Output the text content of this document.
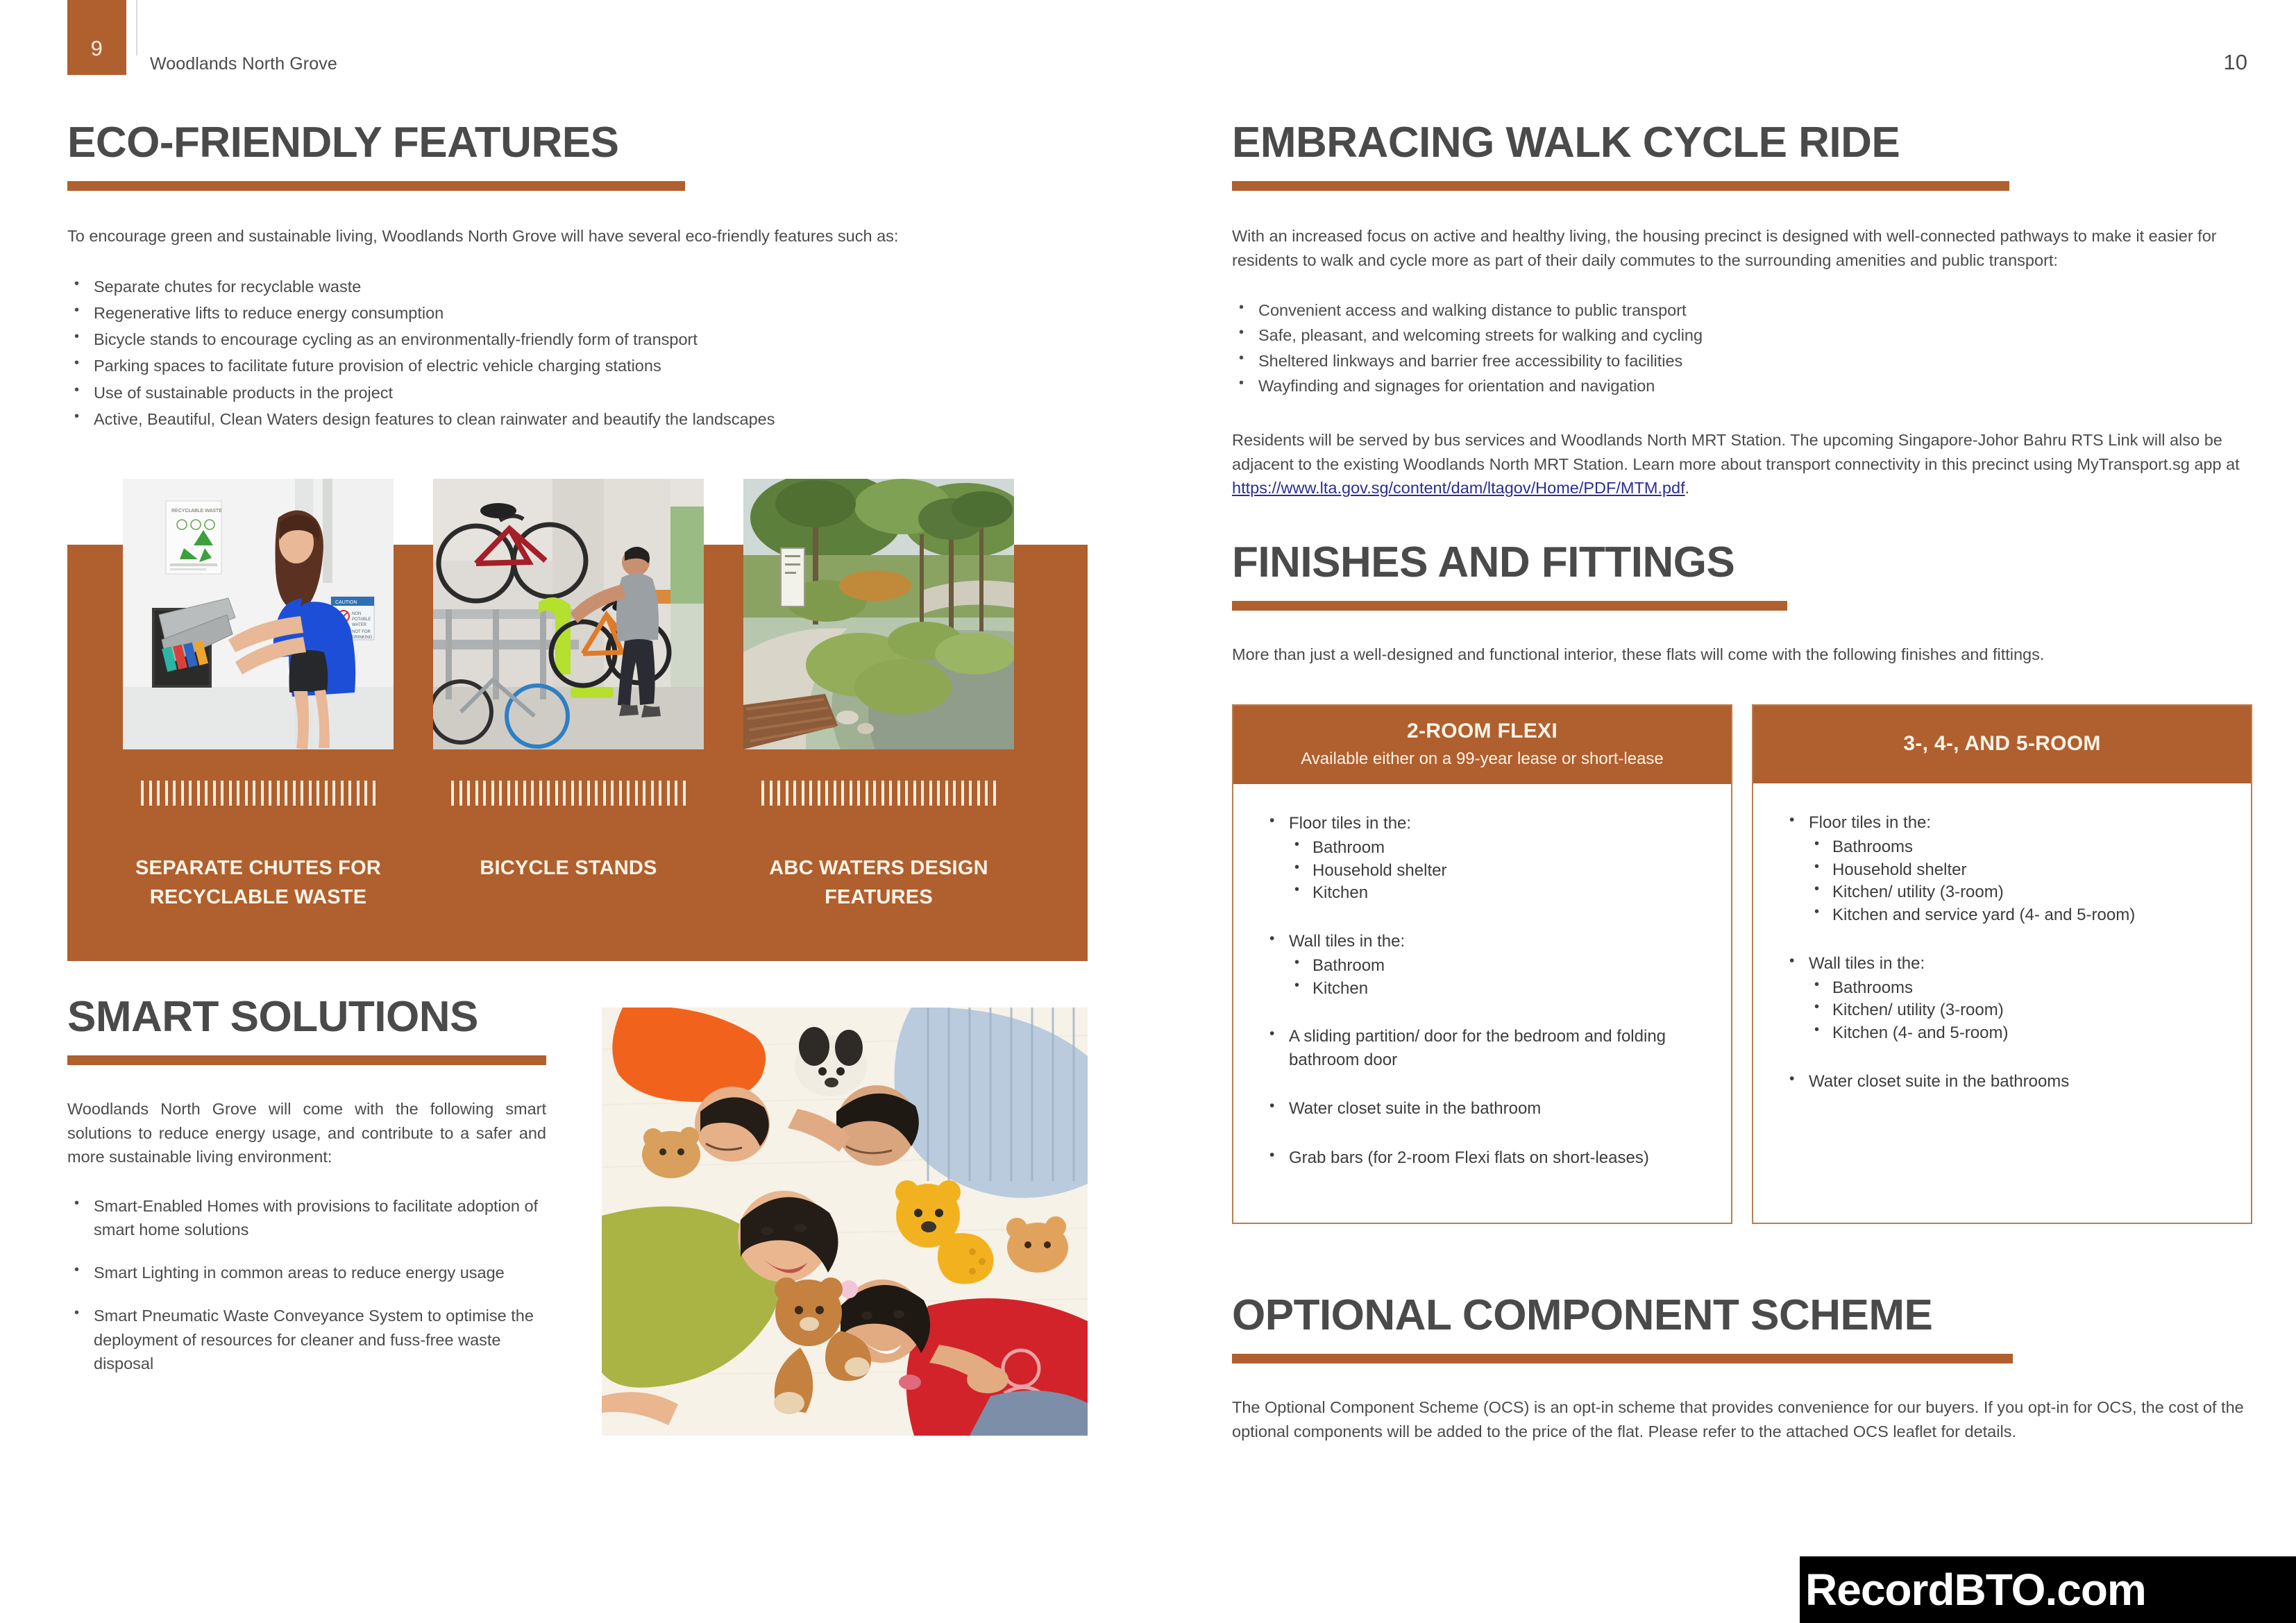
9
Woodlands North Grove	10
ECO-FRIENDLY FEATURES
To encourage green and sustainable living, Woodlands North Grove will have several eco-friendly features such as:
• Separate chutes for recyclable waste
• Regenerative lifts to reduce energy consumption
• Bicycle stands to encourage cycling as an environmentally-friendly form of transport
• Parking spaces to facilitate future provision of electric vehicle charging stations
• Use of sustainable products in the project
• Active, Beautiful, Clean Waters design features to clean rainwater and beautify the landscapes
RECYCLABLE WASTE
CAUTION
NON
POTABLE
WATER
NOT FOR
DRINKING
SEPARATE CHUTES FOR RECYCLABLE WASTE
BICYCLE STANDS	ABC WATERS DESIGN FEATURES
SMART SOLUTIONS
Woodlands North Grove will come with the following smart solutions to reduce energy usage, and contribute to a safer and more sustainable living environment:
• Smart-Enabled Homes with provisions to facilitate adoption of smart home solutions
• Smart Lighting in common areas to reduce energy usage
• Smart Pneumatic Waste Conveyance System to optimise the deployment of resources for cleaner and fuss-free waste disposal
EMBRACING WALK CYCLE RIDE
With an increased focus on active and healthy living, the housing precinct is designed with well-connected pathways to make it easier for residents to walk and cycle more as part of their daily commutes to the surrounding amenities and public transport:
• Convenient access and walking distance to public transport
• Safe, pleasant, and welcoming streets for walking and cycling
• Sheltered linkways and barrier free accessibility to facilities
• Wayfinding and signages for orientation and navigation
Residents will be served by bus services and Woodlands North MRT Station. The upcoming Singapore-Johor Bahru RTS Link will also be adjacent to the existing Woodlands North MRT Station. Learn more about transport connectivity in this precinct using MyTransport.sg app at https://www.lta.gov.sg/content/dam/ltagov/Home/PDF/MTM.pdf.
FINISHES AND FITTINGS
More than just a well-designed and functional interior, these flats will come with the following finishes and fittings.
2-ROOM FLEXI
Available either on a 99-year lease or short-lease
• Floor tiles in the:
• Bathroom
• Household shelter
• Kitchen
• Wall tiles in the:
• Bathroom
• Kitchen
• A sliding partition/ door for the bedroom and folding bathroom door
• Water closet suite in the bathroom
• Grab bars (for 2-room Flexi flats on short-leases)
3-, 4-, AND 5-ROOM
• Floor tiles in the:
• Bathrooms
• Household shelter
• Kitchen/ utility (3-room)
• Kitchen and service yard (4- and 5-room)
• Wall tiles in the:
• Bathrooms
• Kitchen/ utility (3-room)
• Kitchen (4- and 5-room)
• Water closet suite in the bathrooms
OPTIONAL COMPONENT SCHEME
The Optional Component Scheme (OCS) is an opt-in scheme that provides convenience for our buyers. If you opt-in for OCS, the cost of the optional components will be added to the price of the flat. Please refer to the attached OCS leaflet for details.
RecordBTO.com
